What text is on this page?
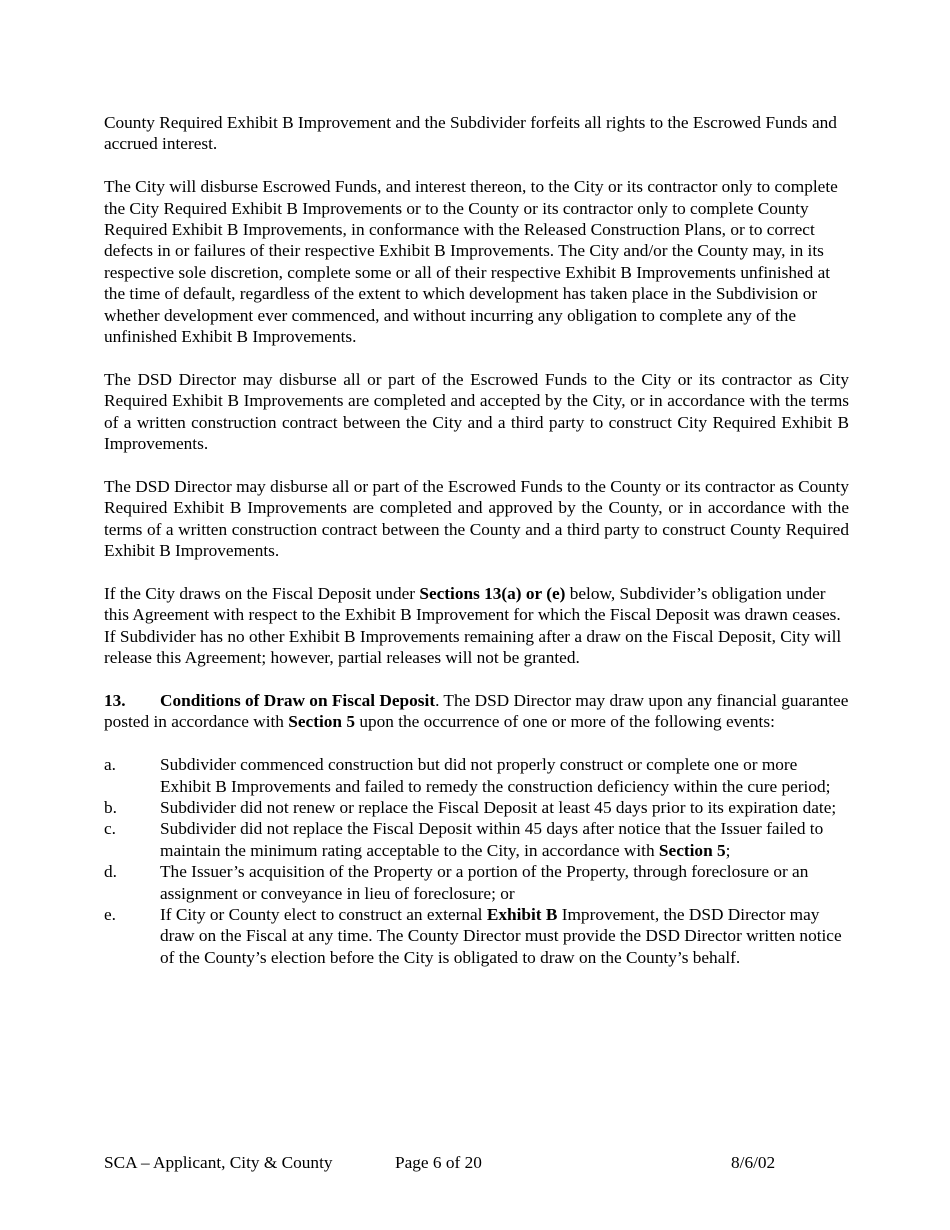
County Required Exhibit B Improvement and the Subdivider forfeits all rights to the Escrowed Funds and accrued interest.

The City will disburse Escrowed Funds, and interest thereon, to the City or its contractor only to complete the City Required Exhibit B Improvements or to the County or its contractor only to complete County Required Exhibit B Improvements, in conformance with the Released Construction Plans, or to correct defects in or failures of their respective Exhibit B Improvements. The City and/or the County may, in its respective sole discretion, complete some or all of their respective Exhibit B Improvements unfinished at the time of default, regardless of the extent to which development has taken place in the Subdivision or whether development ever commenced, and without incurring any obligation to complete any of the unfinished Exhibit B Improvements.

The DSD Director may disburse all or part of the Escrowed Funds to the City or its contractor as City Required Exhibit B Improvements are completed and accepted by the City, or in accordance with the terms of a written construction contract between the City and a third party to construct City Required Exhibit B Improvements.

The DSD Director may disburse all or part of the Escrowed Funds to the County or its contractor as County Required Exhibit B Improvements are completed and approved by the County, or in accordance with the terms of a written construction contract between the County and a third party to construct County Required Exhibit B Improvements.

If the City draws on the Fiscal Deposit under Sections 13(a) or (e) below, Subdivider’s obligation under this Agreement with respect to the Exhibit B Improvement for which the Fiscal Deposit was drawn ceases. If Subdivider has no other Exhibit B Improvements remaining after a draw on the Fiscal Deposit, City will release this Agreement; however, partial releases will not be granted.

13. Conditions of Draw on Fiscal Deposit. The DSD Director may draw upon any financial guarantee posted in accordance with Section 5 upon the occurrence of one or more of the following events:

a.	Subdivider commenced construction but did not properly construct or complete one or more Exhibit B Improvements and failed to remedy the construction deficiency within the cure period;
b.	Subdivider did not renew or replace the Fiscal Deposit at least 45 days prior to its expiration date;
c.	Subdivider did not replace the Fiscal Deposit within 45 days after notice that the Issuer failed to maintain the minimum rating acceptable to the City, in accordance with Section 5;
d.	The Issuer’s acquisition of the Property or a portion of the Property, through foreclosure or an assignment or conveyance in lieu of foreclosure; or
e.	If City or County elect to construct an external Exhibit B Improvement, the DSD Director may draw on the Fiscal at any time. The County Director must provide the DSD Director written notice of the County’s election before the City is obligated to draw on the County’s behalf.
SCA – Applicant, City & County	Page 6 of 20	8/6/02
